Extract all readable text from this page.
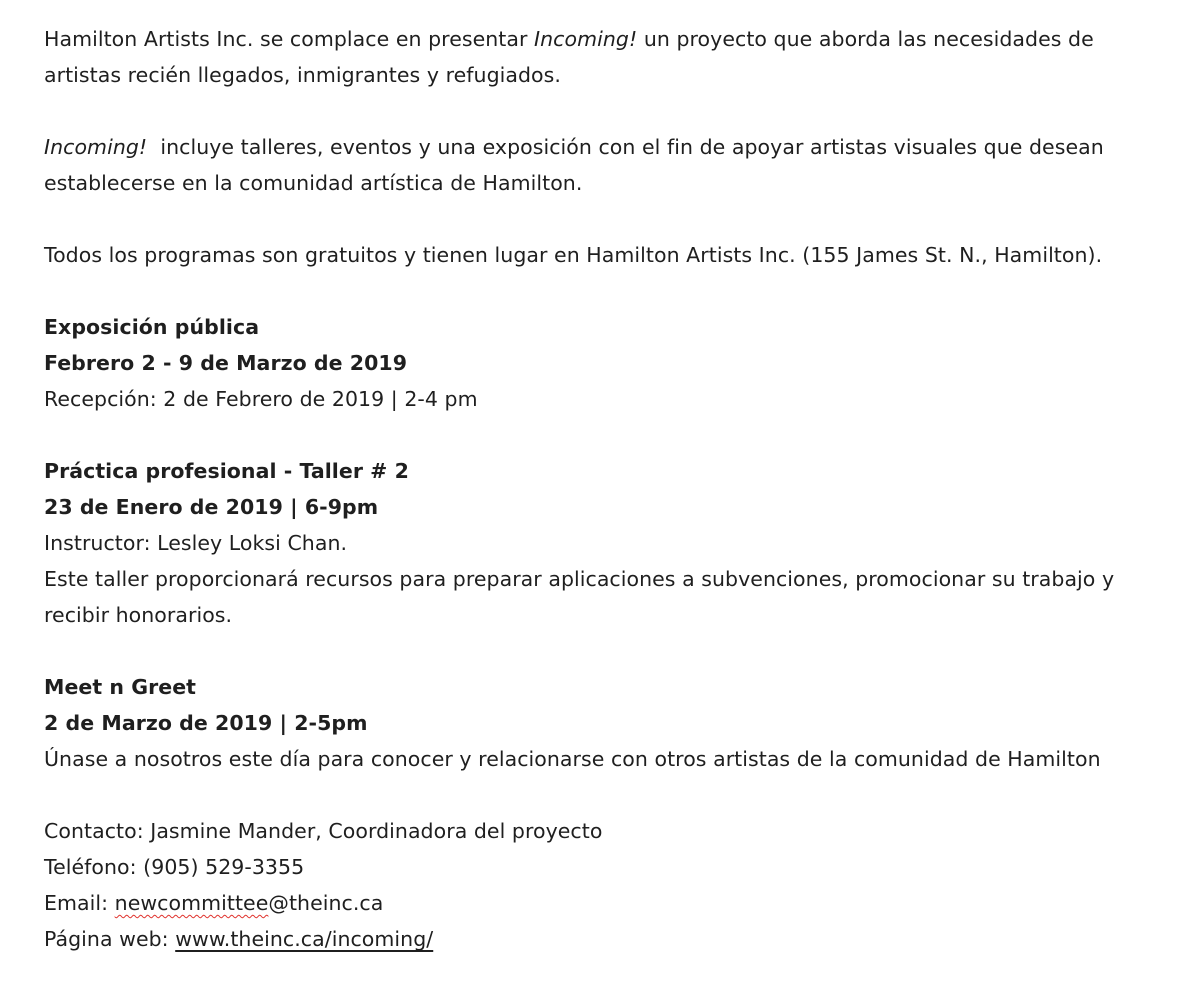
Hamilton Artists Inc. se complace en presentar Incoming! un proyecto que aborda las necesidades de
artistas recién llegados, inmigrantes y refugiados.
Incoming!  incluye talleres, eventos y una exposición con el fin de apoyar artistas visuales que desean
establecerse en la comunidad artística de Hamilton.
Todos los programas son gratuitos y tienen lugar en Hamilton Artists Inc. (155 James St. N., Hamilton).
Exposición pública
Febrero 2 - 9 de Marzo de 2019
Recepción: 2 de Febrero de 2019 | 2-4 pm
Práctica profesional - Taller # 2
23 de Enero de 2019 | 6-9pm
Instructor: Lesley Loksi Chan.
Este taller proporcionará recursos para preparar aplicaciones a subvenciones, promocionar su trabajo y
recibir honorarios.
Meet n Greet
2 de Marzo de 2019 | 2-5pm
Únase a nosotros este día para conocer y relacionarse con otros artistas de la comunidad de Hamilton
Contacto: Jasmine Mander, Coordinadora del proyecto
Teléfono: (905) 529-3355
Email: newcommittee@theinc.ca
Página web: www.theinc.ca/incoming/
